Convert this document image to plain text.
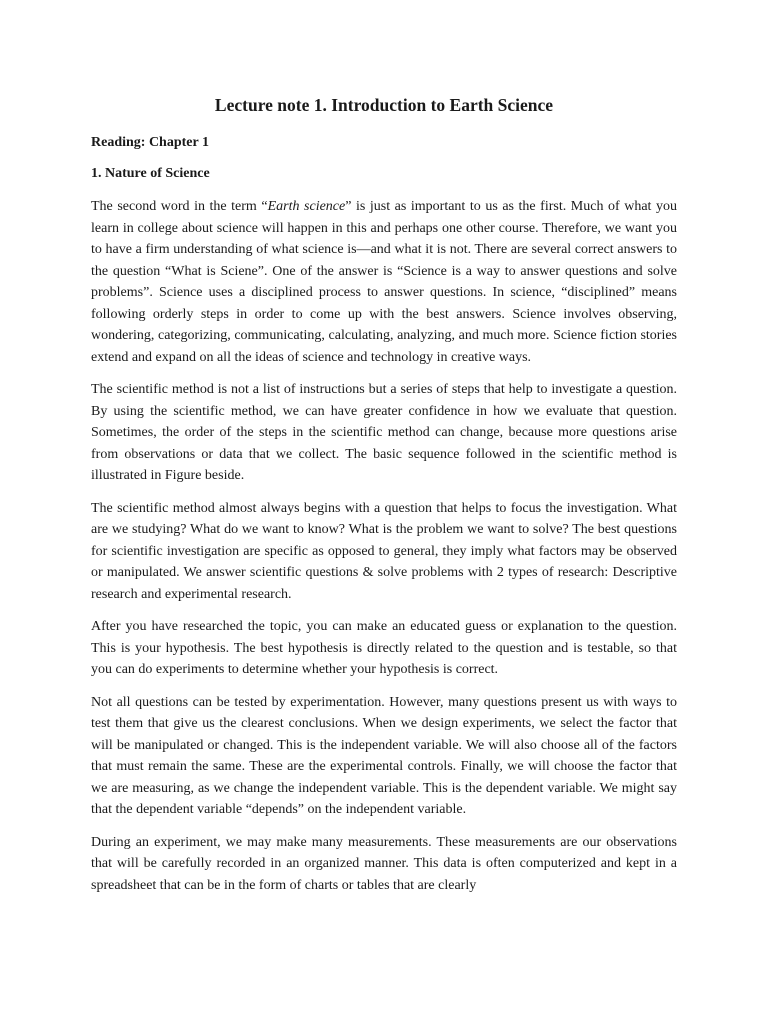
Lecture note 1. Introduction to Earth Science

Reading: Chapter 1

1. Nature of Science

The second word in the term “Earth science” is just as important to us as the first. Much of what you learn in college about science will happen in this and perhaps one other course. Therefore, we want you to have a firm understanding of what science is—and what it is not. There are several correct answers to the question “What is Sciene”. One of the answer is “Science is a way to answer questions and solve problems”. Science uses a disciplined process to answer questions. In science, “disciplined” means following orderly steps in order to come up with the best answers. Science involves observing, wondering, categorizing, communicating, calculating, analyzing, and much more. Science fiction stories extend and expand on all the ideas of science and technology in creative ways.

The scientific method is not a list of instructions but a series of steps that help to investigate a question. By using the scientific method, we can have greater confidence in how we evaluate that question. Sometimes, the order of the steps in the scientific method can change, because more questions arise from observations or data that we collect. The basic sequence followed in the scientific method is illustrated in Figure beside.

The scientific method almost always begins with a question that helps to focus the investigation. What are we studying? What do we want to know? What is the problem we want to solve? The best questions for scientific investigation are specific as opposed to general, they imply what factors may be observed or manipulated. We answer scientific questions & solve problems with 2 types of research: Descriptive research and experimental research.

After you have researched the topic, you can make an educated guess or explanation to the question. This is your hypothesis. The best hypothesis is directly related to the question and is testable, so that you can do experiments to determine whether your hypothesis is correct.

Not all questions can be tested by experimentation. However, many questions present us with ways to test them that give us the clearest conclusions. When we design experiments, we select the factor that will be manipulated or changed. This is the independent variable. We will also choose all of the factors that must remain the same. These are the experimental controls. Finally, we will choose the factor that we are measuring, as we change the independent variable. This is the dependent variable. We might say that the dependent variable “depends” on the independent variable.

During an experiment, we may make many measurements. These measurements are our observations that will be carefully recorded in an organized manner. This data is often computerized and kept in a spreadsheet that can be in the form of charts or tables that are clearly
